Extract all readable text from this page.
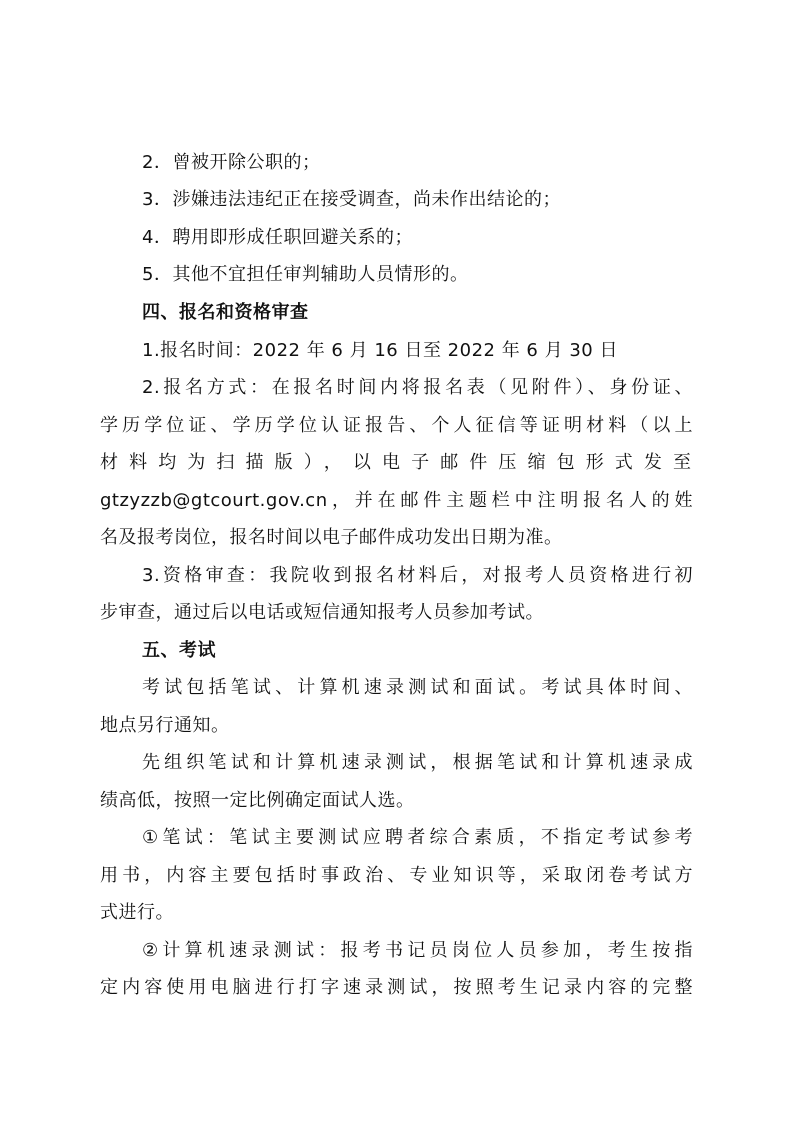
2．曾被开除公职的；
3．涉嫌违法违纪正在接受调查，尚未作出结论的；
4．聘用即形成任职回避关系的；
5．其他不宜担任审判辅助人员情形的。
四、报名和资格审查
1.报名时间：2022 年 6 月 16 日至 2022 年 6 月 30 日
2.报名方式：在报名时间内将报名表（见附件）、身份证、
学历学位证、学历学位认证报告、个人征信等证明材料（以上
材料均为扫描版），以电子邮件压缩包形式发至
gtzyzzb@gtcourt.gov.cn，并在邮件主题栏中注明报名人的姓
名及报考岗位，报名时间以电子邮件成功发出日期为准。
3.资格审查：我院收到报名材料后，对报考人员资格进行初
步审查，通过后以电话或短信通知报考人员参加考试。
五、考试
考试包括笔试、计算机速录测试和面试。考试具体时间、
地点另行通知。
先组织笔试和计算机速录测试，根据笔试和计算机速录成
绩高低，按照一定比例确定面试人选。
①笔试：笔试主要测试应聘者综合素质，不指定考试参考
用书，内容主要包括时事政治、专业知识等，采取闭卷考试方
式进行。
②计算机速录测试：报考书记员岗位人员参加，考生按指
定内容使用电脑进行打字速录测试，按照考生记录内容的完整
